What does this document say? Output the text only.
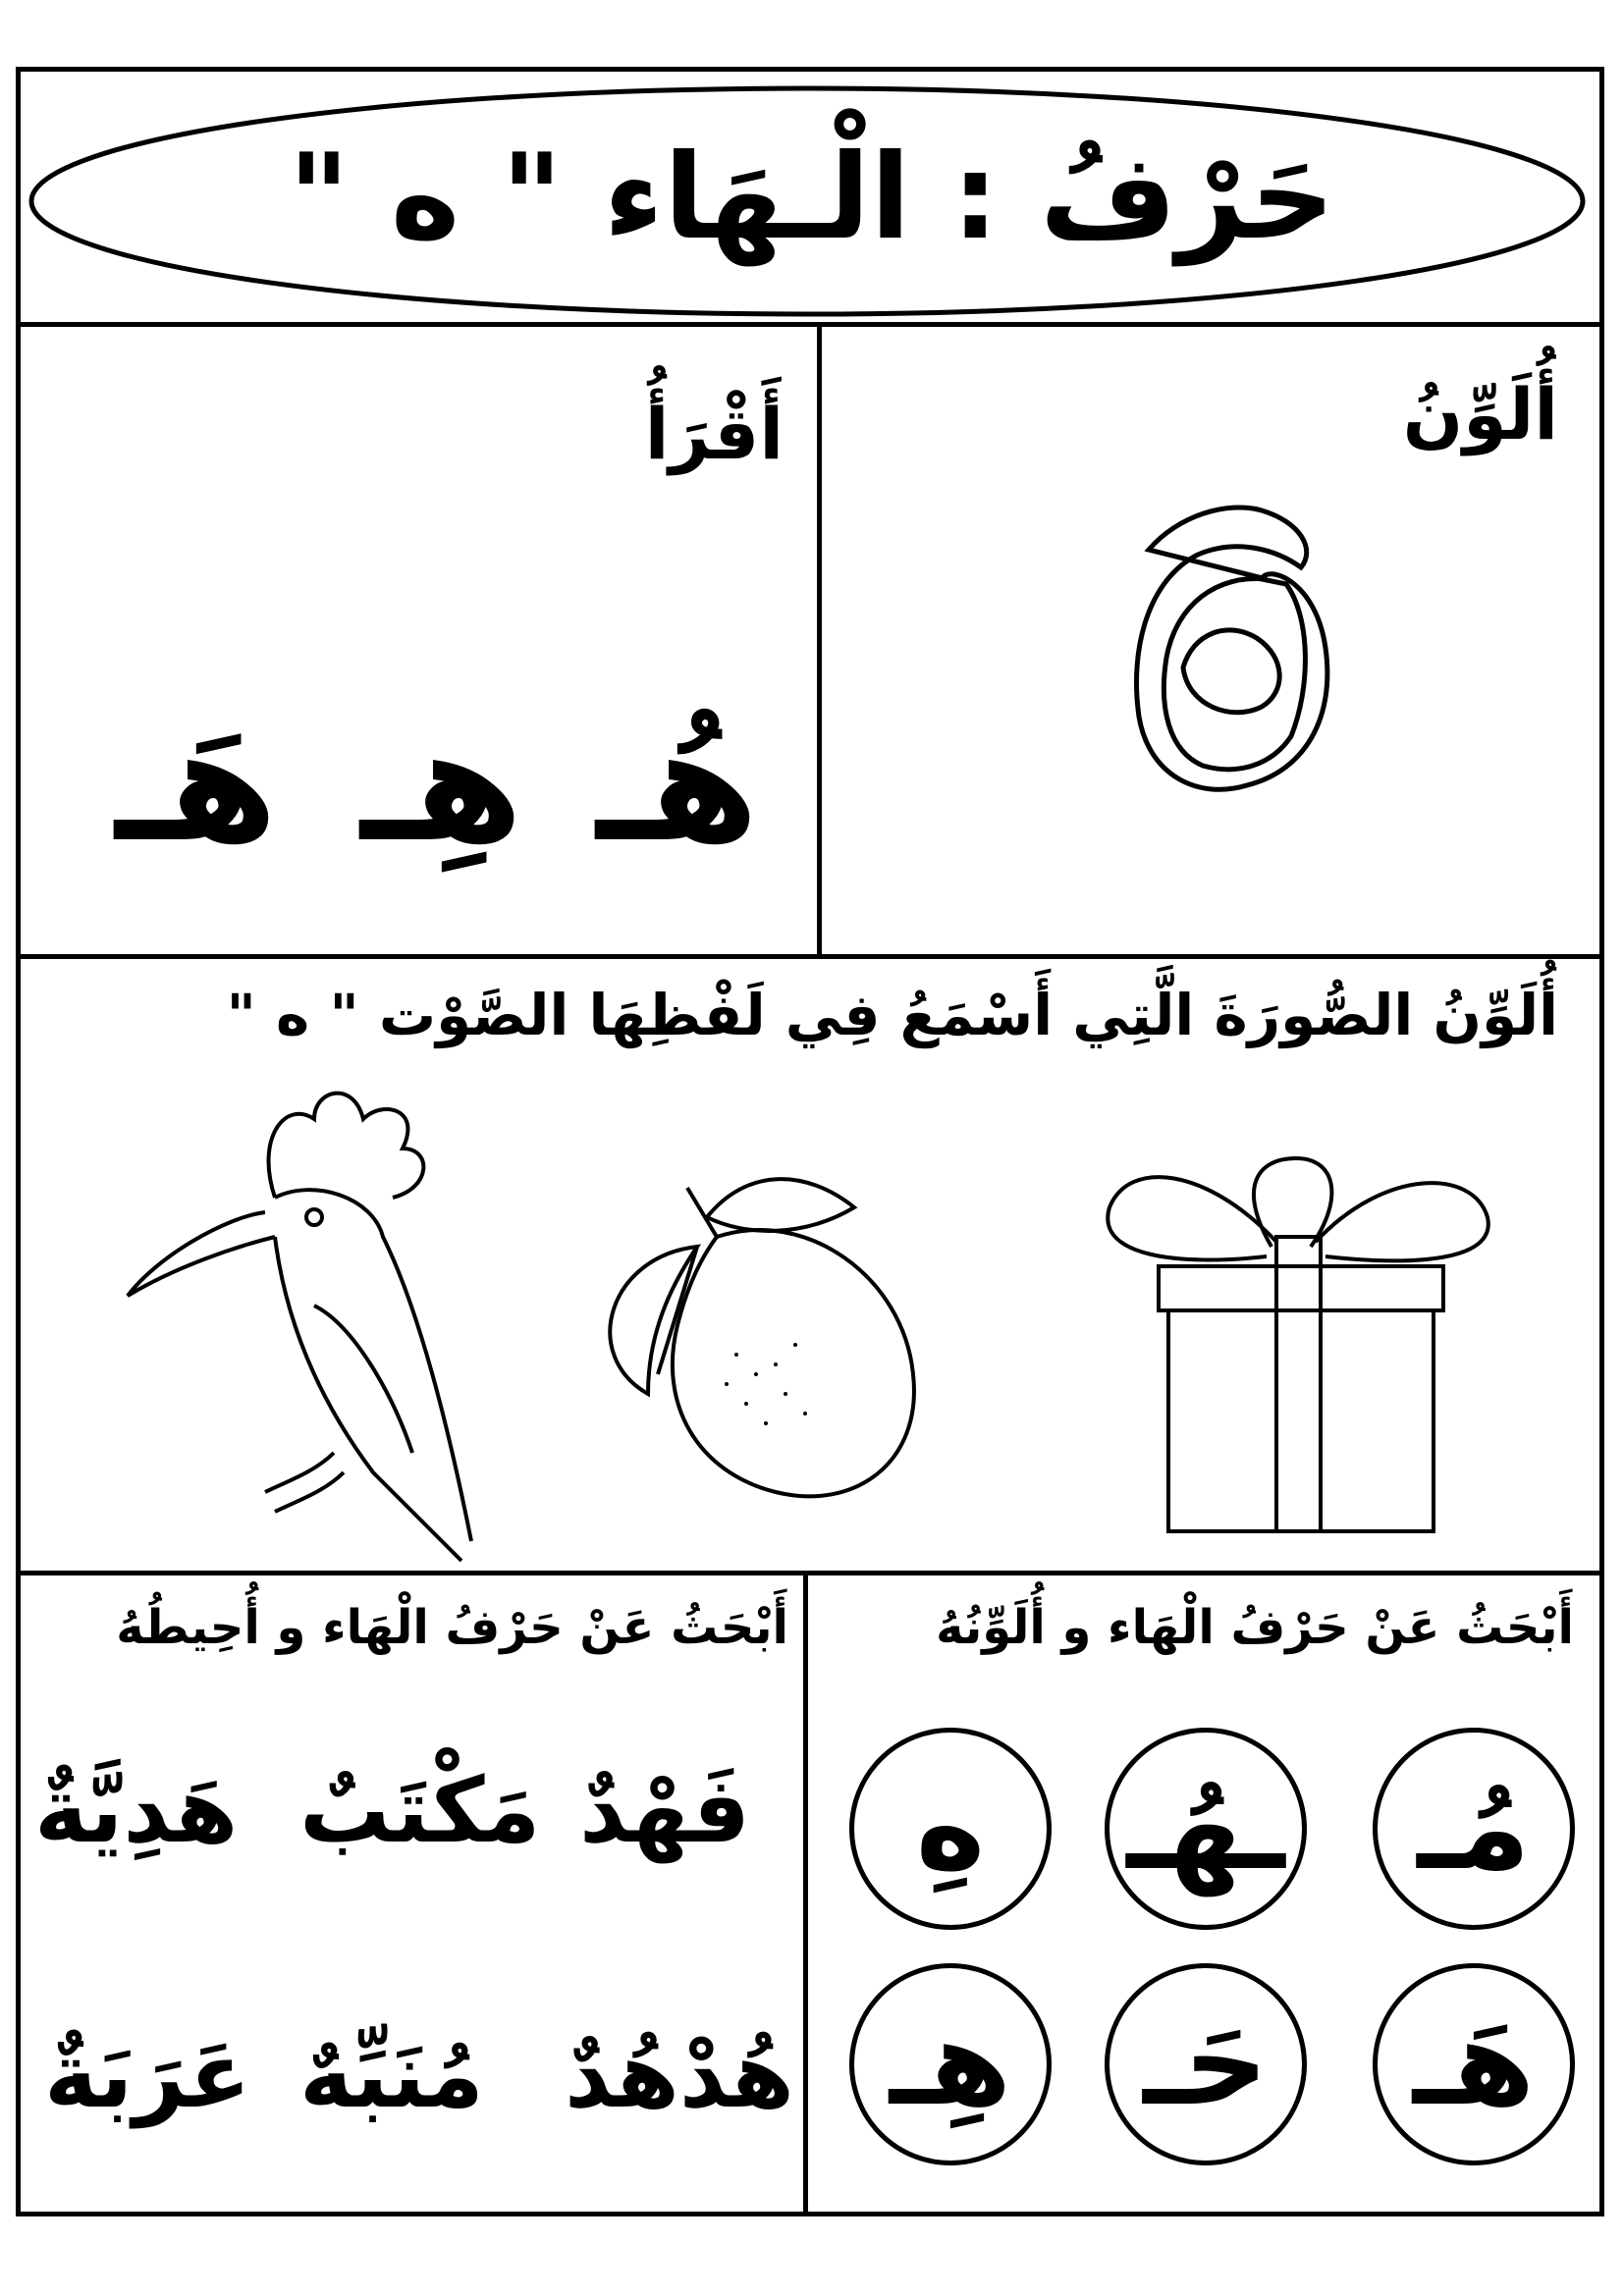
حَرْفُ : الْـهَاء " ه "
أُلَوِّنُ
أَقْرَأُ
هُـ
هِـ
هَـ
أُلَوِّنُ الصُّورَةَ الَّتِي أَسْمَعُ فِي لَفْظِهَا الصَّوْت " ه "
أَبْحَثُ عَنْ حَرْفُ الْهَاء و أُلَوِّنُهُ
مُـ
ـهُـ
هِ
هَـ
حَـ
هِـ
أَبْحَثُ عَنْ حَرْفُ الْهَاء و أُحِيطُهُ
فَهْدٌ
مَكْتَبٌ
هَدِيَّةٌ
هُدْهُدٌ
مُنَبِّهٌ
عَرَبَةٌ
